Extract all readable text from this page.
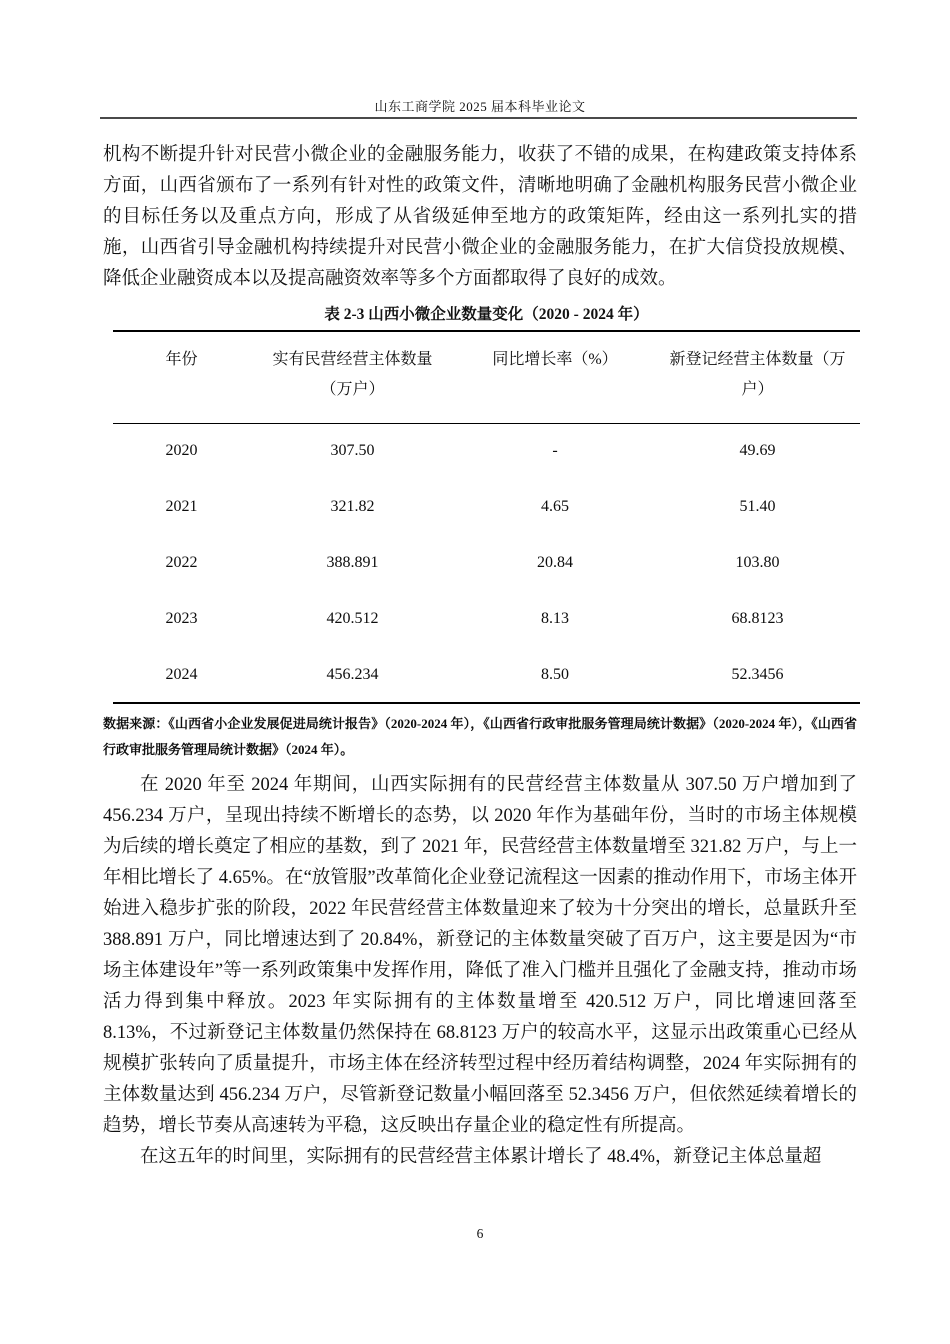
山东工商学院 2025 届本科毕业论文

机构不断提升针对民营小微企业的金融服务能力，收获了不错的成果，在构建政策支持体系方面，山西省颁布了一系列有针对性的政策文件，清晰地明确了金融机构服务民营小微企业的目标任务以及重点方向，形成了从省级延伸至地方的政策矩阵，经由这一系列扎实的措施，山西省引导金融机构持续提升对民营小微企业的金融服务能力，在扩大信贷投放规模、降低企业融资成本以及提高融资效率等多个方面都取得了良好的成效。

表 2-3 山西小微企业数量变化（2020 - 2024 年）
年份	实有民营经营主体数量（万户）	同比增长率（%）	新登记经营主体数量（万户）
2020	307.50	-	49.69
2021	321.82	4.65	51.40
2022	388.891	20.84	103.80
2023	420.512	8.13	68.8123
2024	456.234	8.50	52.3456
数据来源：《山西省小企业发展促进局统计报告》（2020-2024 年），《山西省行政审批服务管理局统计数据》（2020-2024 年），《山西省行政审批服务管理局统计数据》（2024 年）。

在 2020 年至 2024 年期间，山西实际拥有的民营经营主体数量从 307.50 万户增加到了 456.234 万户，呈现出持续不断增长的态势，以 2020 年作为基础年份，当时的市场主体规模为后续的增长奠定了相应的基数，到了 2021 年，民营经营主体数量增至 321.82 万户，与上一年相比增长了 4.65%。在“放管服”改革简化企业登记流程这一因素的推动作用下，市场主体开始进入稳步扩张的阶段，2022 年民营经营主体数量迎来了较为十分突出的增长，总量跃升至 388.891 万户，同比增速达到了 20.84%，新登记的主体数量突破了百万户，这主要是因为“市场主体建设年”等一系列政策集中发挥作用，降低了准入门槛并且强化了金融支持，推动市场活力得到集中释放。2023 年实际拥有的主体数量增至 420.512 万户，同比增速回落至 8.13%，不过新登记主体数量仍然保持在 68.8123 万户的较高水平，这显示出政策重心已经从规模扩张转向了质量提升，市场主体在经济转型过程中经历着结构调整，2024 年实际拥有的主体数量达到 456.234 万户，尽管新登记数量小幅回落至 52.3456 万户，但依然延续着增长的趋势，增长节奏从高速转为平稳，这反映出存量企业的稳定性有所提高。

在这五年的时间里，实际拥有的民营经营主体累计增长了 48.4%，新登记主体总量超

6
